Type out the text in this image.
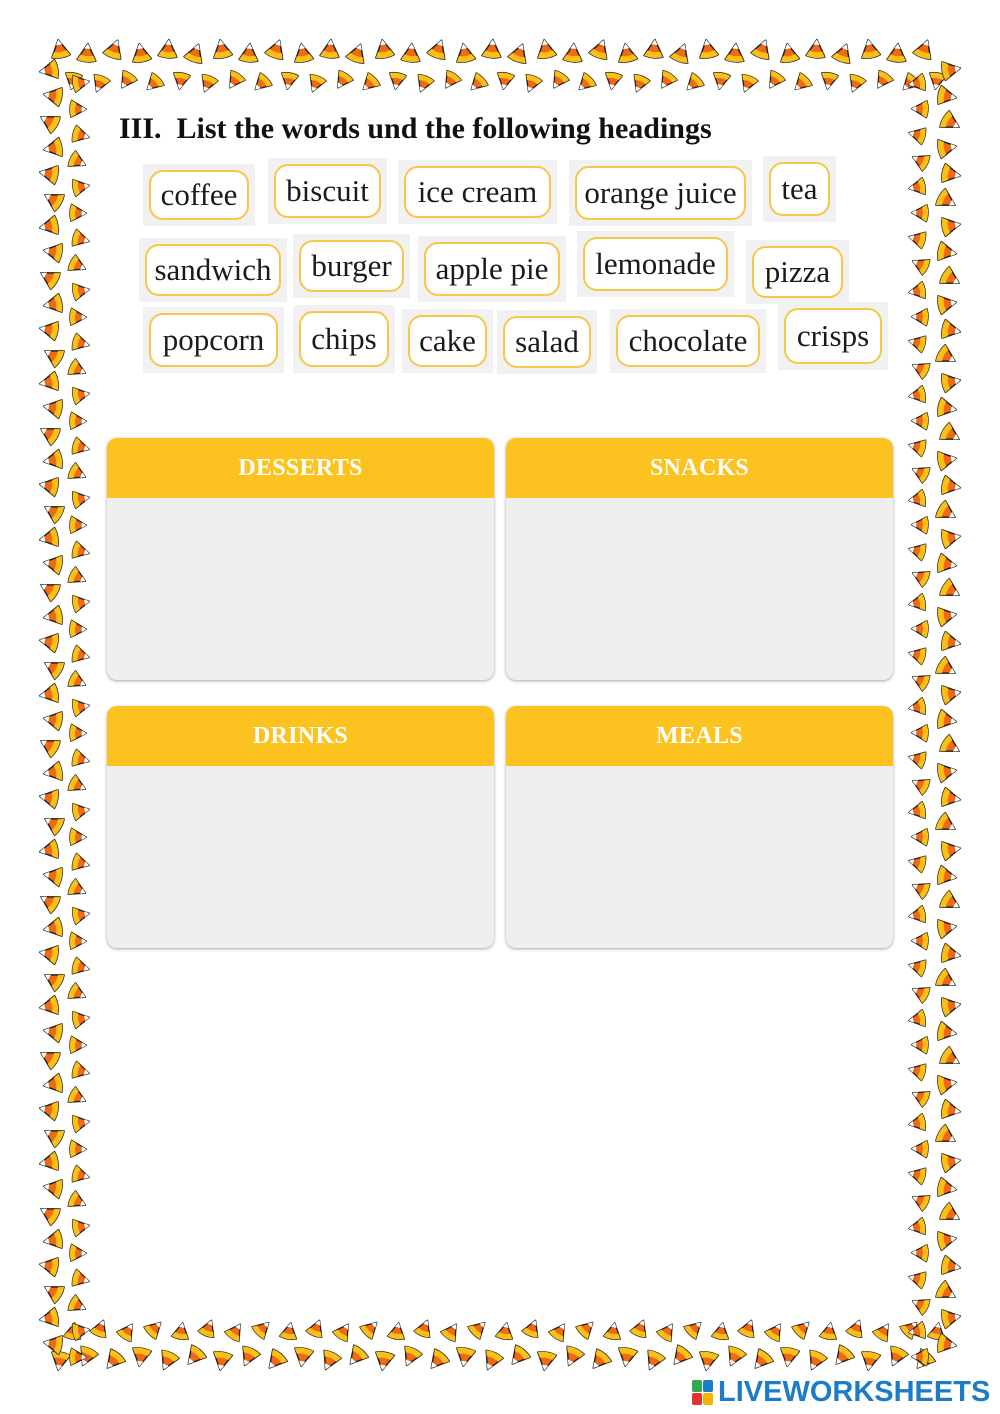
III. List the words und the following headings
coffee	biscuit	ice cream	orange juice	tea
sandwich	burger	apple pie	lemonade	pizza
popcorn	chips	cake	salad	chocolate	crisps
DESSERTS	SNACKS
DRINKS	MEALS
LIVEWORKSHEETS
